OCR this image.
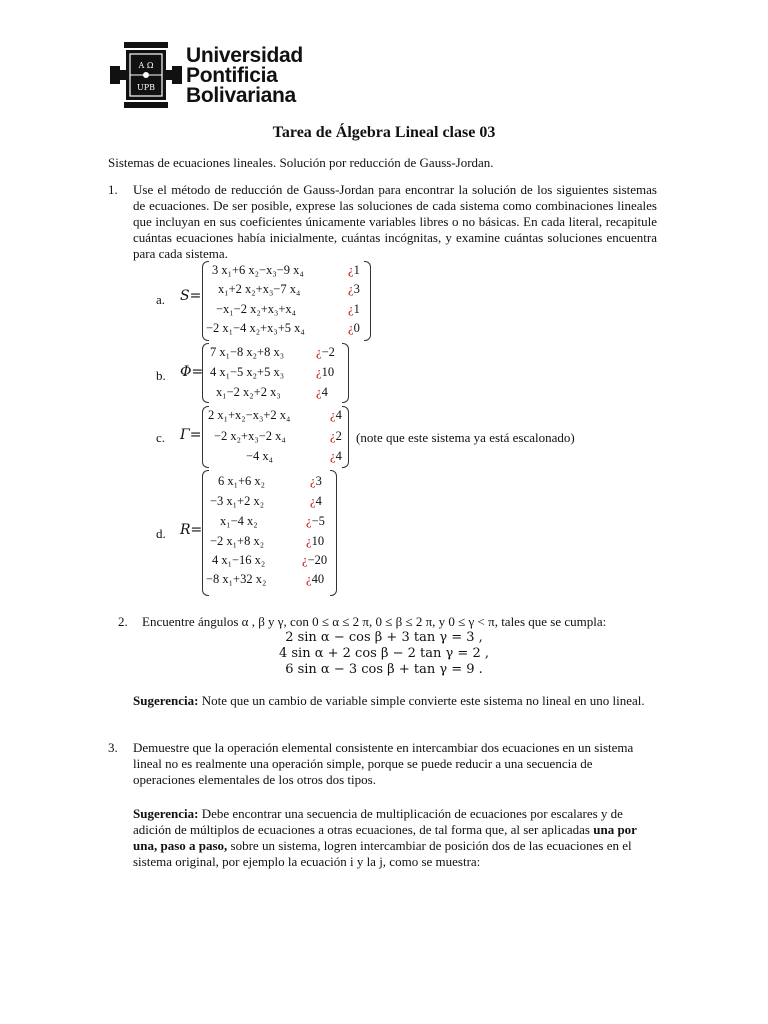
A Ω
UPB
Universidad
Pontificia
Bolivariana
Tarea de Álgebra Lineal clase 03
Sistemas de ecuaciones lineales. Solución por reducción de Gauss-Jordan.
1. Use el método de reducción de Gauss-Jordan para encontrar la solución de los siguientes sistemas de ecuaciones. De ser posible, exprese las soluciones de cada sistema como combinaciones lineales que incluyan en sus coeficientes únicamente variables libres o no básicas. En cada literal, recapitule cuántas ecuaciones había inicialmente, cuántas incógnitas, y examine cuántas soluciones encuentra para cada sistema.
a. S=
3 x₁+6 x₂−x₃−9 x₄
x₁+2 x₂+x₃−7 x₄
−x₁−2 x₂+x₃+x₄
−2 x₁−4 x₂+x₃+5 x₄
¿1
¿3
¿1
¿0
b. Φ=
7 x₁−8 x₂+8 x₃
4 x₁−5 x₂+5 x₃
x₁−2 x₂+2 x₃
¿−2
¿10
¿4
c. Γ=
2 x₁+x₂−x₃+2 x₄
−2 x₂+x₃−2 x₄
−4 x₄
¿4
¿2
¿4
(note que este sistema ya está escalonado)
d. R=
6 x₁+6 x₂
−3 x₁+2 x₂
x₁−4 x₂
−2 x₁+8 x₂
4 x₁−16 x₂
−8 x₁+32 x₂
¿3
¿4
¿−5
¿10
¿−20
¿40
2. Encuentre ángulos α , β y γ, con 0 ≤ α ≤ 2 π, 0 ≤ β ≤ 2 π, y 0 ≤ γ < π, tales que se cumpla:
2 sin α − cos β + 3 tan γ = 3 ,
4 sin α + 2 cos β − 2 tan γ = 2 ,
6 sin α − 3 cos β + tan γ = 9 .
Sugerencia: Note que un cambio de variable simple convierte este sistema no lineal en uno lineal.
3. Demuestre que la operación elemental consistente en intercambiar dos ecuaciones en un sistema lineal no es realmente una operación simple, porque se puede reducir a una secuencia de operaciones elementales de los otros dos tipos.
Sugerencia: Debe encontrar una secuencia de multiplicación de ecuaciones por escalares y de adición de múltiplos de ecuaciones a otras ecuaciones, de tal forma que, al ser aplicadas una por una, paso a paso, sobre un sistema, logren intercambiar de posición dos de las ecuaciones en el sistema original, por ejemplo la ecuación i y la j, como se muestra:
